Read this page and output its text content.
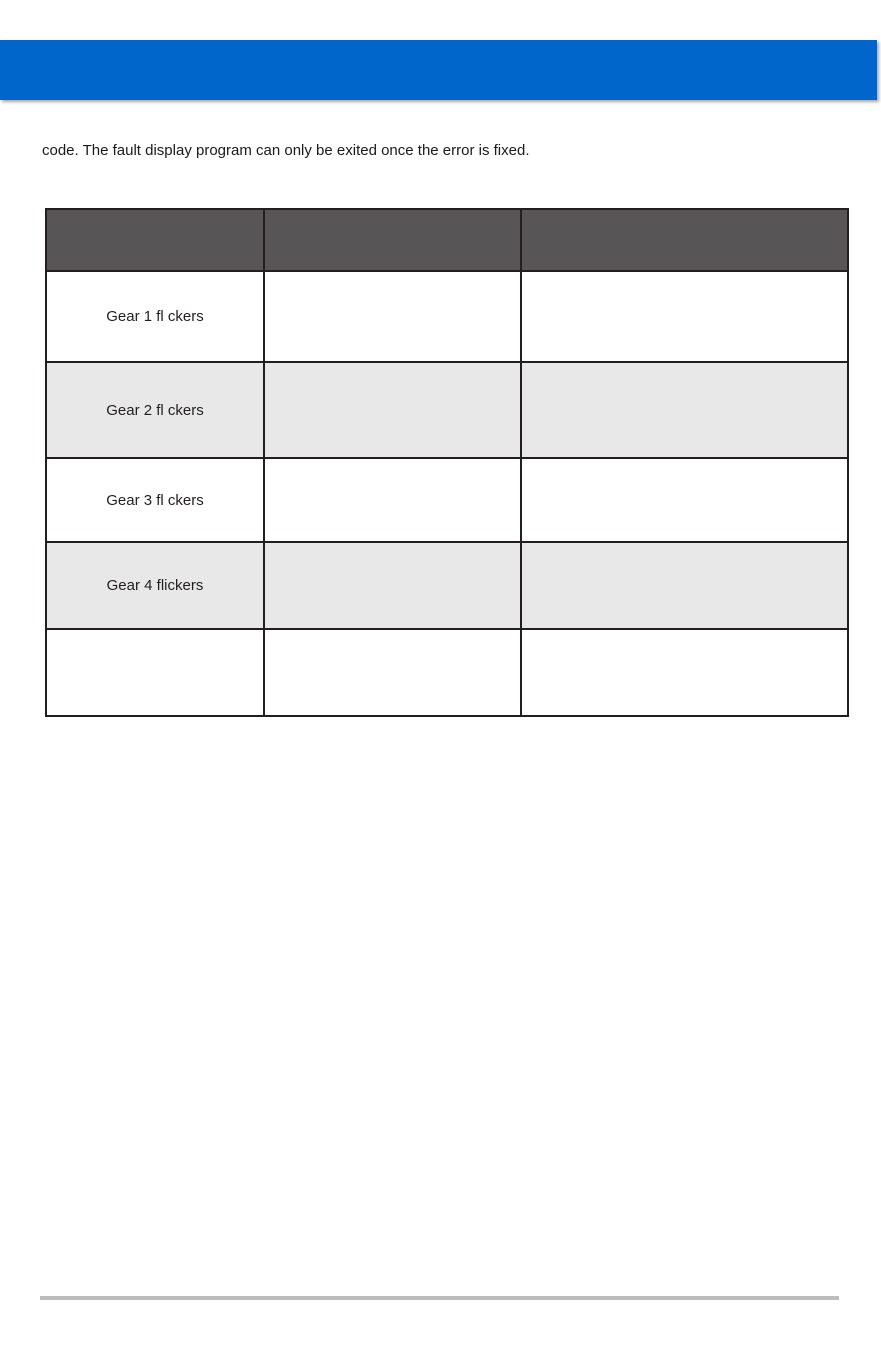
code. The fault display program can only be exited once the error is fixed.

Gear 1 fl ckers		
Gear 2 fl ckers		
Gear 3 fl ckers		
Gear 4 flickers		
